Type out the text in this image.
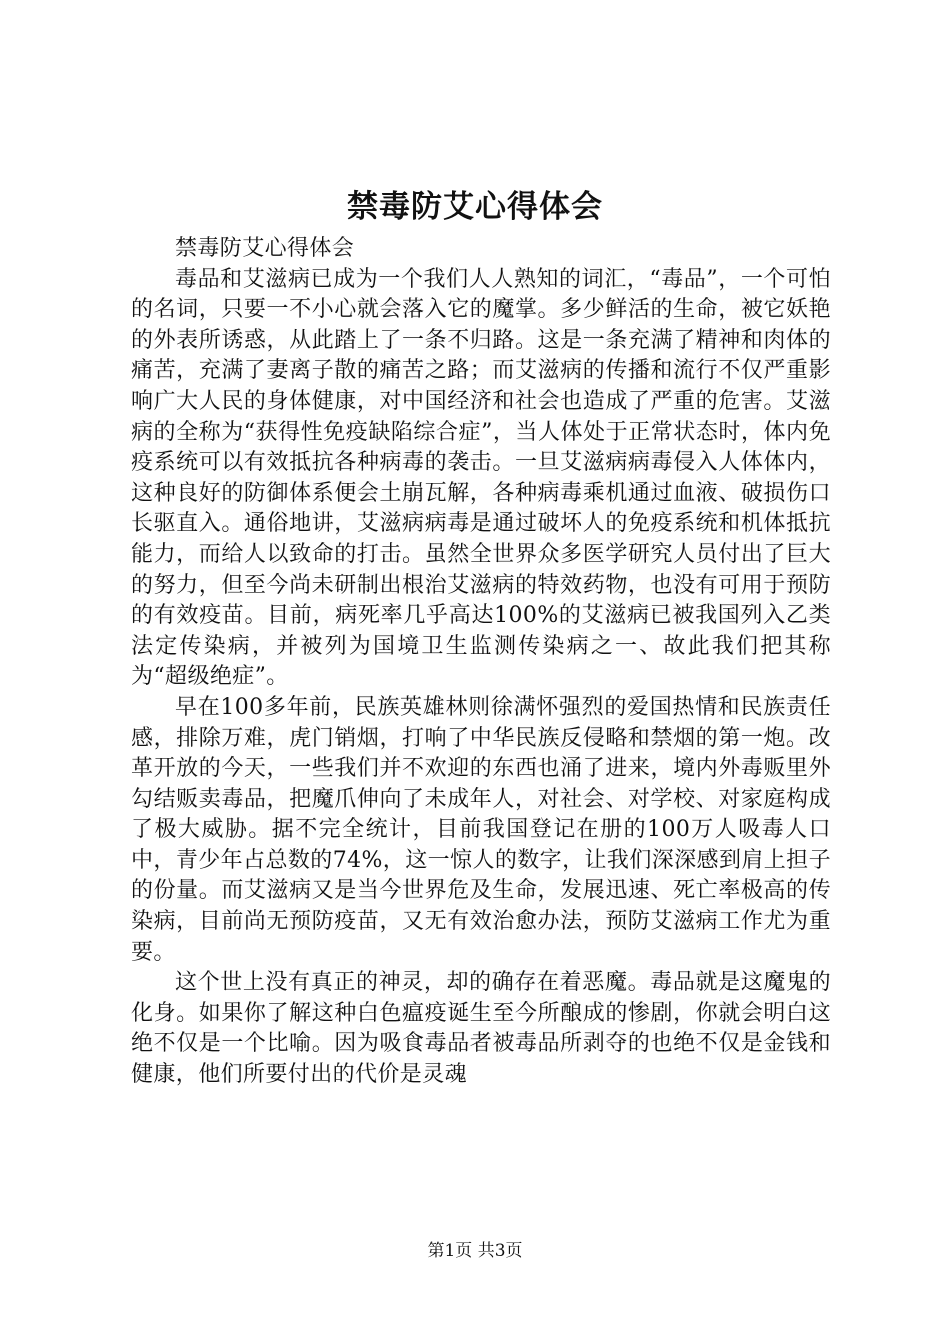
禁毒防艾心得体会

禁毒防艾心得体会

毒品和艾滋病已成为一个我们人人熟知的词汇，“毒品”，一个可怕的名词，只要一不小心就会落入它的魔掌。多少鲜活的生命，被它妖艳的外表所诱惑，从此踏上了一条不归路。这是一条充满了精神和肉体的痛苦，充满了妻离子散的痛苦之路；而艾滋病的传播和流行不仅严重影响广大人民的身体健康，对中国经济和社会也造成了严重的危害。艾滋病的全称为“获得性免疫缺陷综合症”，当人体处于正常状态时，体内免疫系统可以有效抵抗各种病毒的袭击。一旦艾滋病病毒侵入人体体内，这种良好的防御体系便会土崩瓦解，各种病毒乘机通过血液、破损伤口长驱直入。通俗地讲，艾滋病病毒是通过破坏人的免疫系统和机体抵抗能力，而给人以致命的打击。虽然全世界众多医学研究人员付出了巨大的努力，但至今尚未研制出根治艾滋病的特效药物，也没有可用于预防的有效疫苗。目前，病死率几乎高达100%的艾滋病已被我国列入乙类法定传染病，并被列为国境卫生监测传染病之一、故此我们把其称为“超级绝症”。

早在100多年前，民族英雄林则徐满怀强烈的爱国热情和民族责任感，排除万难，虎门销烟，打响了中华民族反侵略和禁烟的第一炮。改革开放的今天，一些我们并不欢迎的东西也涌了进来，境内外毒贩里外勾结贩卖毒品，把魔爪伸向了未成年人，对社会、对学校、对家庭构成了极大威胁。据不完全统计，目前我国登记在册的100万人吸毒人口中，青少年占总数的74%，这一惊人的数字，让我们深深感到肩上担子的份量。而艾滋病又是当今世界危及生命，发展迅速、死亡率极高的传染病，目前尚无预防疫苗，又无有效治愈办法，预防艾滋病工作尤为重要。

这个世上没有真正的神灵，却的确存在着恶魔。毒品就是这魔鬼的化身。如果你了解这种白色瘟疫诞生至今所酿成的惨剧，你就会明白这绝不仅是一个比喻。因为吸食毒品者被毒品所剥夺的也绝不仅是金钱和健康，他们所要付出的代价是灵魂

第1页 共3页
